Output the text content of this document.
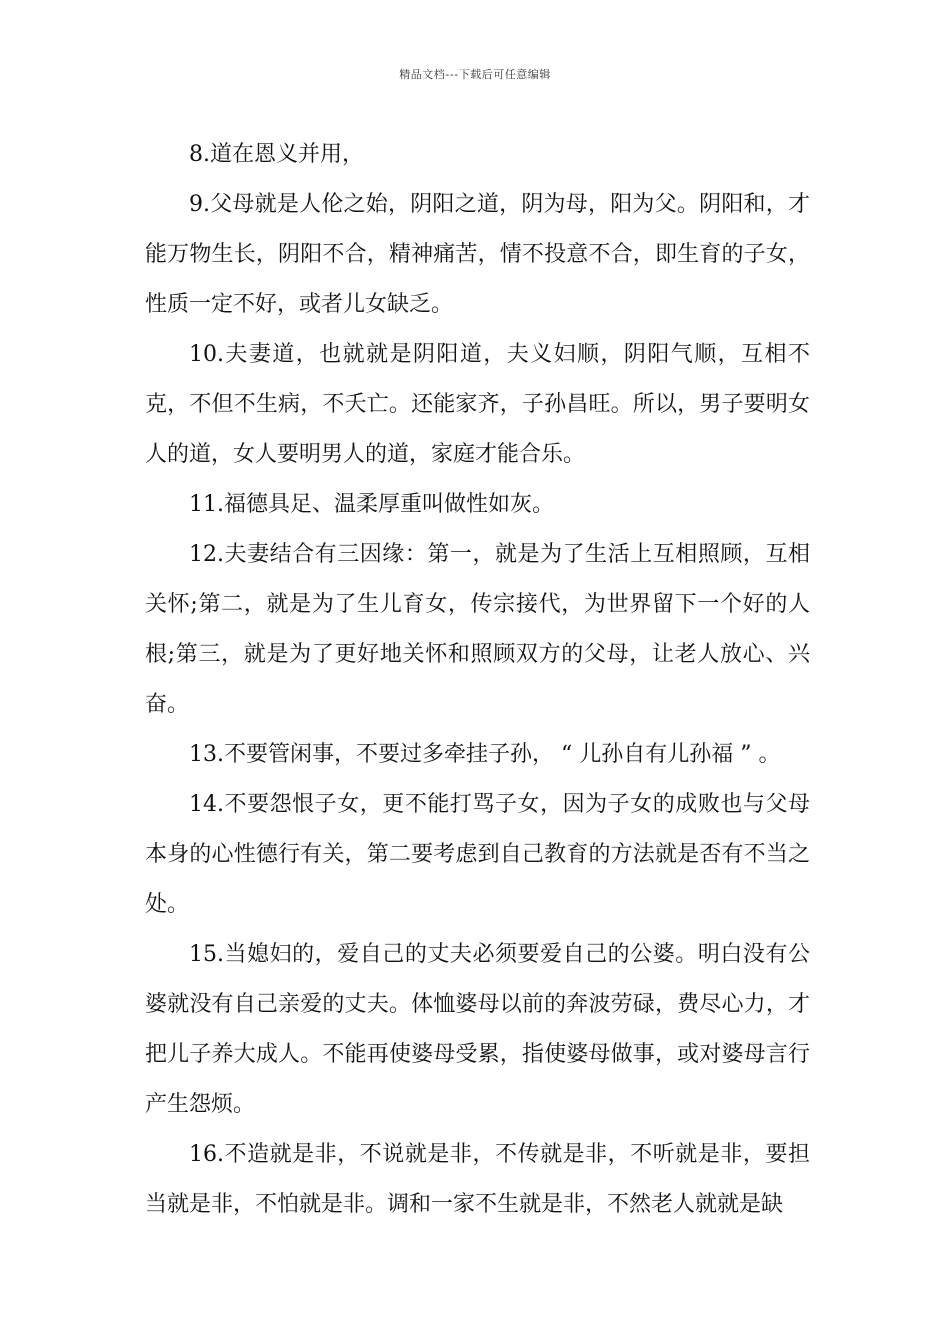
精品文档---下载后可任意编辑

8.道在恩义并用，

9.父母就是人伦之始，阴阳之道，阴为母，阳为父。阴阳和，才能万物生长，阴阳不合，精神痛苦，情不投意不合，即生育的子女，性质一定不好，或者儿女缺乏。

10.夫妻道，也就就是阴阳道，夫义妇顺，阴阳气顺，互相不克，不但不生病，不夭亡。还能家齐，子孙昌旺。所以，男子要明女人的道，女人要明男人的道，家庭才能合乐。

11.福德具足、温柔厚重叫做性如灰。

12.夫妻结合有三因缘：第一，就是为了生活上互相照顾，互相关怀;第二，就是为了生儿育女，传宗接代，为世界留下一个好的人根;第三，就是为了更好地关怀和照顾双方的父母，让老人放心、兴奋。

13.不要管闲事，不要过多牵挂子孙， “ 儿孙自有儿孙福 ” 。

14.不要怨恨子女，更不能打骂子女，因为子女的成败也与父母本身的心性德行有关，第二要考虑到自己教育的方法就是否有不当之处。

15.当媳妇的，爱自己的丈夫必须要爱自己的公婆。明白没有公婆就没有自己亲爱的丈夫。体恤婆母以前的奔波劳碌，费尽心力，才把儿子养大成人。不能再使婆母受累，指使婆母做事，或对婆母言行产生怨烦。

16.不造就是非，不说就是非，不传就是非，不听就是非，要担当就是非，不怕就是非。调和一家不生就是非，不然老人就就是缺
